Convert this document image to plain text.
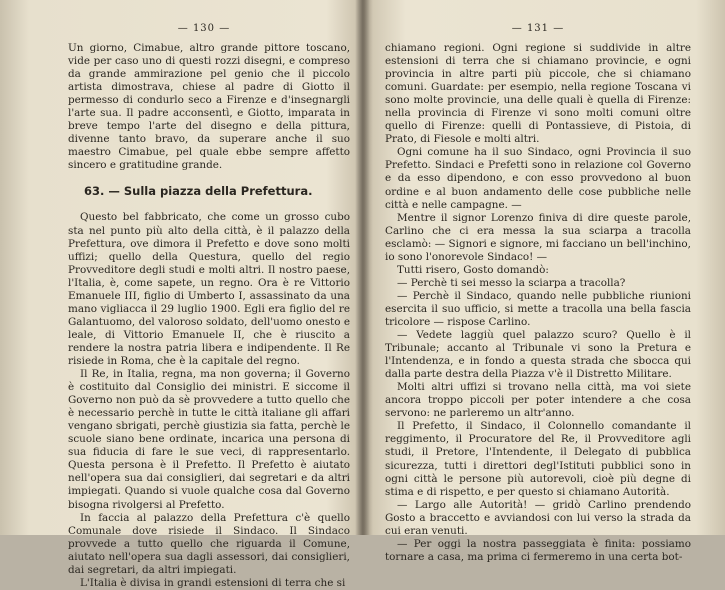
— 130 —

Un giorno, Cimabue, altro grande pittore toscano, vide per caso uno di questi rozzi disegni, e compreso da grande ammirazione pel genio che il piccolo artista dimostrava, chiese al padre di Giotto il permesso di condurlo seco a Firenze e d'insegnargli l'arte sua. Il padre acconsentì, e Giotto, imparata in breve tempo l'arte del disegno e della pittura, divenne tanto bravo, da superare anche il suo maestro Cimabue, pel quale ebbe sempre affetto sincero e gratitudine grande.

63. — Sulla piazza della Prefettura.

Questo bel fabbricato, che come un grosso cubo sta nel punto più alto della città, è il palazzo della Prefettura, ove dimora il Prefetto e dove sono molti uffizi; quello della Questura, quello del regio Provveditore degli studi e molti altri. Il nostro paese, l'Italia, è, come sapete, un regno. Ora è re Vittorio Emanuele III, figlio di Umberto I, assassinato da una mano vigliacca il 29 luglio 1900. Egli era figlio del re Galantuomo, del valoroso soldato, dell'uomo onesto e leale, di Vittorio Emanuele II, che è riuscito a rendere la nostra patria libera e indipendente. Il Re risiede in Roma, che è la capitale del regno.

Il Re, in Italia, regna, ma non governa; il Governo è costituito dal Consiglio dei ministri. E siccome il Governo non può da sè provvedere a tutto quello che è necessario perchè in tutte le città italiane gli affari vengano sbrigati, perchè giustizia sia fatta, perchè le scuole siano bene ordinate, incarica una persona di sua fiducia di fare le sue veci, di rappresentarlo. Questa persona è il Prefetto. Il Prefetto è aiutato nell'opera sua dai consiglieri, dai segretari e da altri impiegati. Quando si vuole qualche cosa dal Governo bisogna rivolgersi al Prefetto.

In faccia al palazzo della Prefettura c'è quello Comunale dove risiede il Sindaco. Il Sindaco provvede a tutto quello che riguarda il Comune, aiutato nell'opera sua dagli assessori, dai consiglieri, dai segretari, da altri impiegati.

L'Italia è divisa in grandi estensioni di terra che si

— 131 —

chiamano regioni. Ogni regione si suddivide in altre estensioni di terra che si chiamano provincie, e ogni provincia in altre parti più piccole, che si chiamano comuni. Guardate: per esempio, nella regione Toscana vi sono molte provincie, una delle quali è quella di Firenze: nella provincia di Firenze vi sono molti comuni oltre quello di Firenze: quelli di Pontassieve, di Pistoia, di Prato, di Fiesole e molti altri.

Ogni comune ha il suo Sindaco, ogni Provincia il suo Prefetto. Sindaci e Prefetti sono in relazione col Governo e da esso dipendono, e con esso provvedono al buon ordine e al buon andamento delle cose pubbliche nelle città e nelle campagne. —

Mentre il signor Lorenzo finiva di dire queste parole, Carlino che ci era messa la sua sciarpa a tracolla esclamò: — Signori e signore, mi facciano un bell'inchino, io sono l'onorevole Sindaco! —

Tutti risero, Gosto domandò:

— Perchè ti sei messo la sciarpa a tracolla?

— Perchè il Sindaco, quando nelle pubbliche riunioni esercita il suo ufficio, si mette a tracolla una bella fascia tricolore — rispose Carlino.

— Vedete laggiù quel palazzo scuro? Quello è il Tribunale; accanto al Tribunale vi sono la Pretura e l'Intendenza, e in fondo a questa strada che sbocca qui dalla parte destra della Piazza v'è il Distretto Militare.

Molti altri uffizi si trovano nella città, ma voi siete ancora troppo piccoli per poter intendere a che cosa servono: ne parleremo un altr'anno.

Il Prefetto, il Sindaco, il Colonnello comandante il reggimento, il Procuratore del Re, il Provveditore agli studi, il Pretore, l'Intendente, il Delegato di pubblica sicurezza, tutti i direttori degl'Istituti pubblici sono in ogni città le persone più autorevoli, cioè più degne di stima e di rispetto, e per questo si chiamano Autorità.

— Largo alle Autorità! — gridò Carlino prendendo Gosto a braccetto e avviandosi con lui verso la strada da cui eran venuti.

— Per oggi la nostra passeggiata è finita: possiamo tornare a casa, ma prima ci fermeremo in una certa bot-
